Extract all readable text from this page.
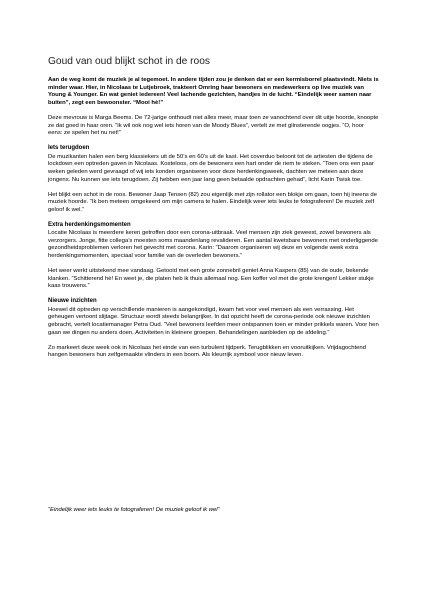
Goud van oud blijkt schot in de roos

Aan de weg komt de muziek je al tegemoet. In andere tijden zou je denken dat er een kermisborrel plaatsvindt. Niets is minder waar. Hier, in Nicolaas te Lutjebroek, trakteert Omring haar bewoners en medewerkers op live muziek van Young & Younger. En wat geniet iedereen! Veel lachende gezichten, handjes in de lucht. “Eindelijk weer samen naar buiten”, zegt een bewoonster. “Mooi hè!”

Deze mevrouw is Marga Beems. De 72-jarige onthoudt niet alles meer, maar toen ze vanochtend over dit uitje hoorde, knoopte ze dat goed in haar oren. “Ik wil ook nog wel iets horen van de Moody Blues”, vertelt ze met glinsterende oogjes. “O, hoor eens: ze spelen het nu net!”

Iets terugdoen

De muzikanten halen een berg klassiekers uit de 50’s en 60’s uit de kast. Het coverduo beloont tot de artiesten die tijdens de lockdown een optreden gaven in Nicolaas. Kosteloos, om de bewoners een hart onder de riem te steken. “Toen ons een paar weken geleden werd gevraagd of wij iets konden organiseren voor deze herdenkingsweek, dachten we meteen aan deze jongens. Nu kunnen we iets terugdoen. Zij hebben een jaar lang geen betaalde opdrachten gehad”, licht Karin Twisk toe.

Het blijkt een schot in de roos. Bewoner Jaap Tensen (82) zou eigenlijk met zijn rollator een blokje om gaan, toen hij ineens de muziek hoorde. “Ik ben meteen omgekeerd om mijn camera te halen. Eindelijk weer iets leuks te fotograferen! De muziek zelf geloof ik wel.”

Extra herdenkingsmomenten

Locatie Nicolaas is meerdere keren getroffen door een corona-uitbraak. Veel mensen zijn ziek geweest, zowel bewoners als verzorgers. Jonge, fitte collega’s moesten soms maandenlang revalideren. Een aantal kwetsbare bewoners met onderliggende gezondheidsproblemen verloren het gevecht met corona. Karin: “Daarom organiseren wij deze en volgende week extra herdenkingsmomenten, speciaal voor familie van de overleden bewoners.”

Het weer werkt uitstekend mee vandaag. Getooid met een grote zonnebril geniet Anna Kaspers (85) van de oude, bekende klanken. “Schitterend hè! En weet je, die platen heb ik thuis allemaal nog. Een koffer vol met die grote krengen! Lekker stukje kaas trouwens.”

Nieuwe inzichten

Hoewel dit optreden op verschillende manieren is aangekondigd, kwam het voor veel mensen als een verrassing. Het geheugen vertoont slijtage. Structuur wordt steeds belangrijker. In dat opzicht heeft de corona-periode ook nieuwe inzichten gebracht, vertelt locatiemanager Petra Oud. “Veel bewoners leefden meer ontspannen toen er minder prikkels waren. Voor hen gaan we dingen nu anders doen. Activiteiten in kleinere groepen. Behandelingen aanbieden op de afdeling.”

Zo markeert deze week ook in Nicolaas het einde van een turbulent tijdperk. Terugblikken en vooruitkijken. Vrijdagochtend hangen bewoners hun zelfgemaakte vlinders in een boom. Als kleurrijk symbool voor nieuw leven.

“Eindelijk weer iets leuks te fotograferen! De muziek geloof ik wel”
